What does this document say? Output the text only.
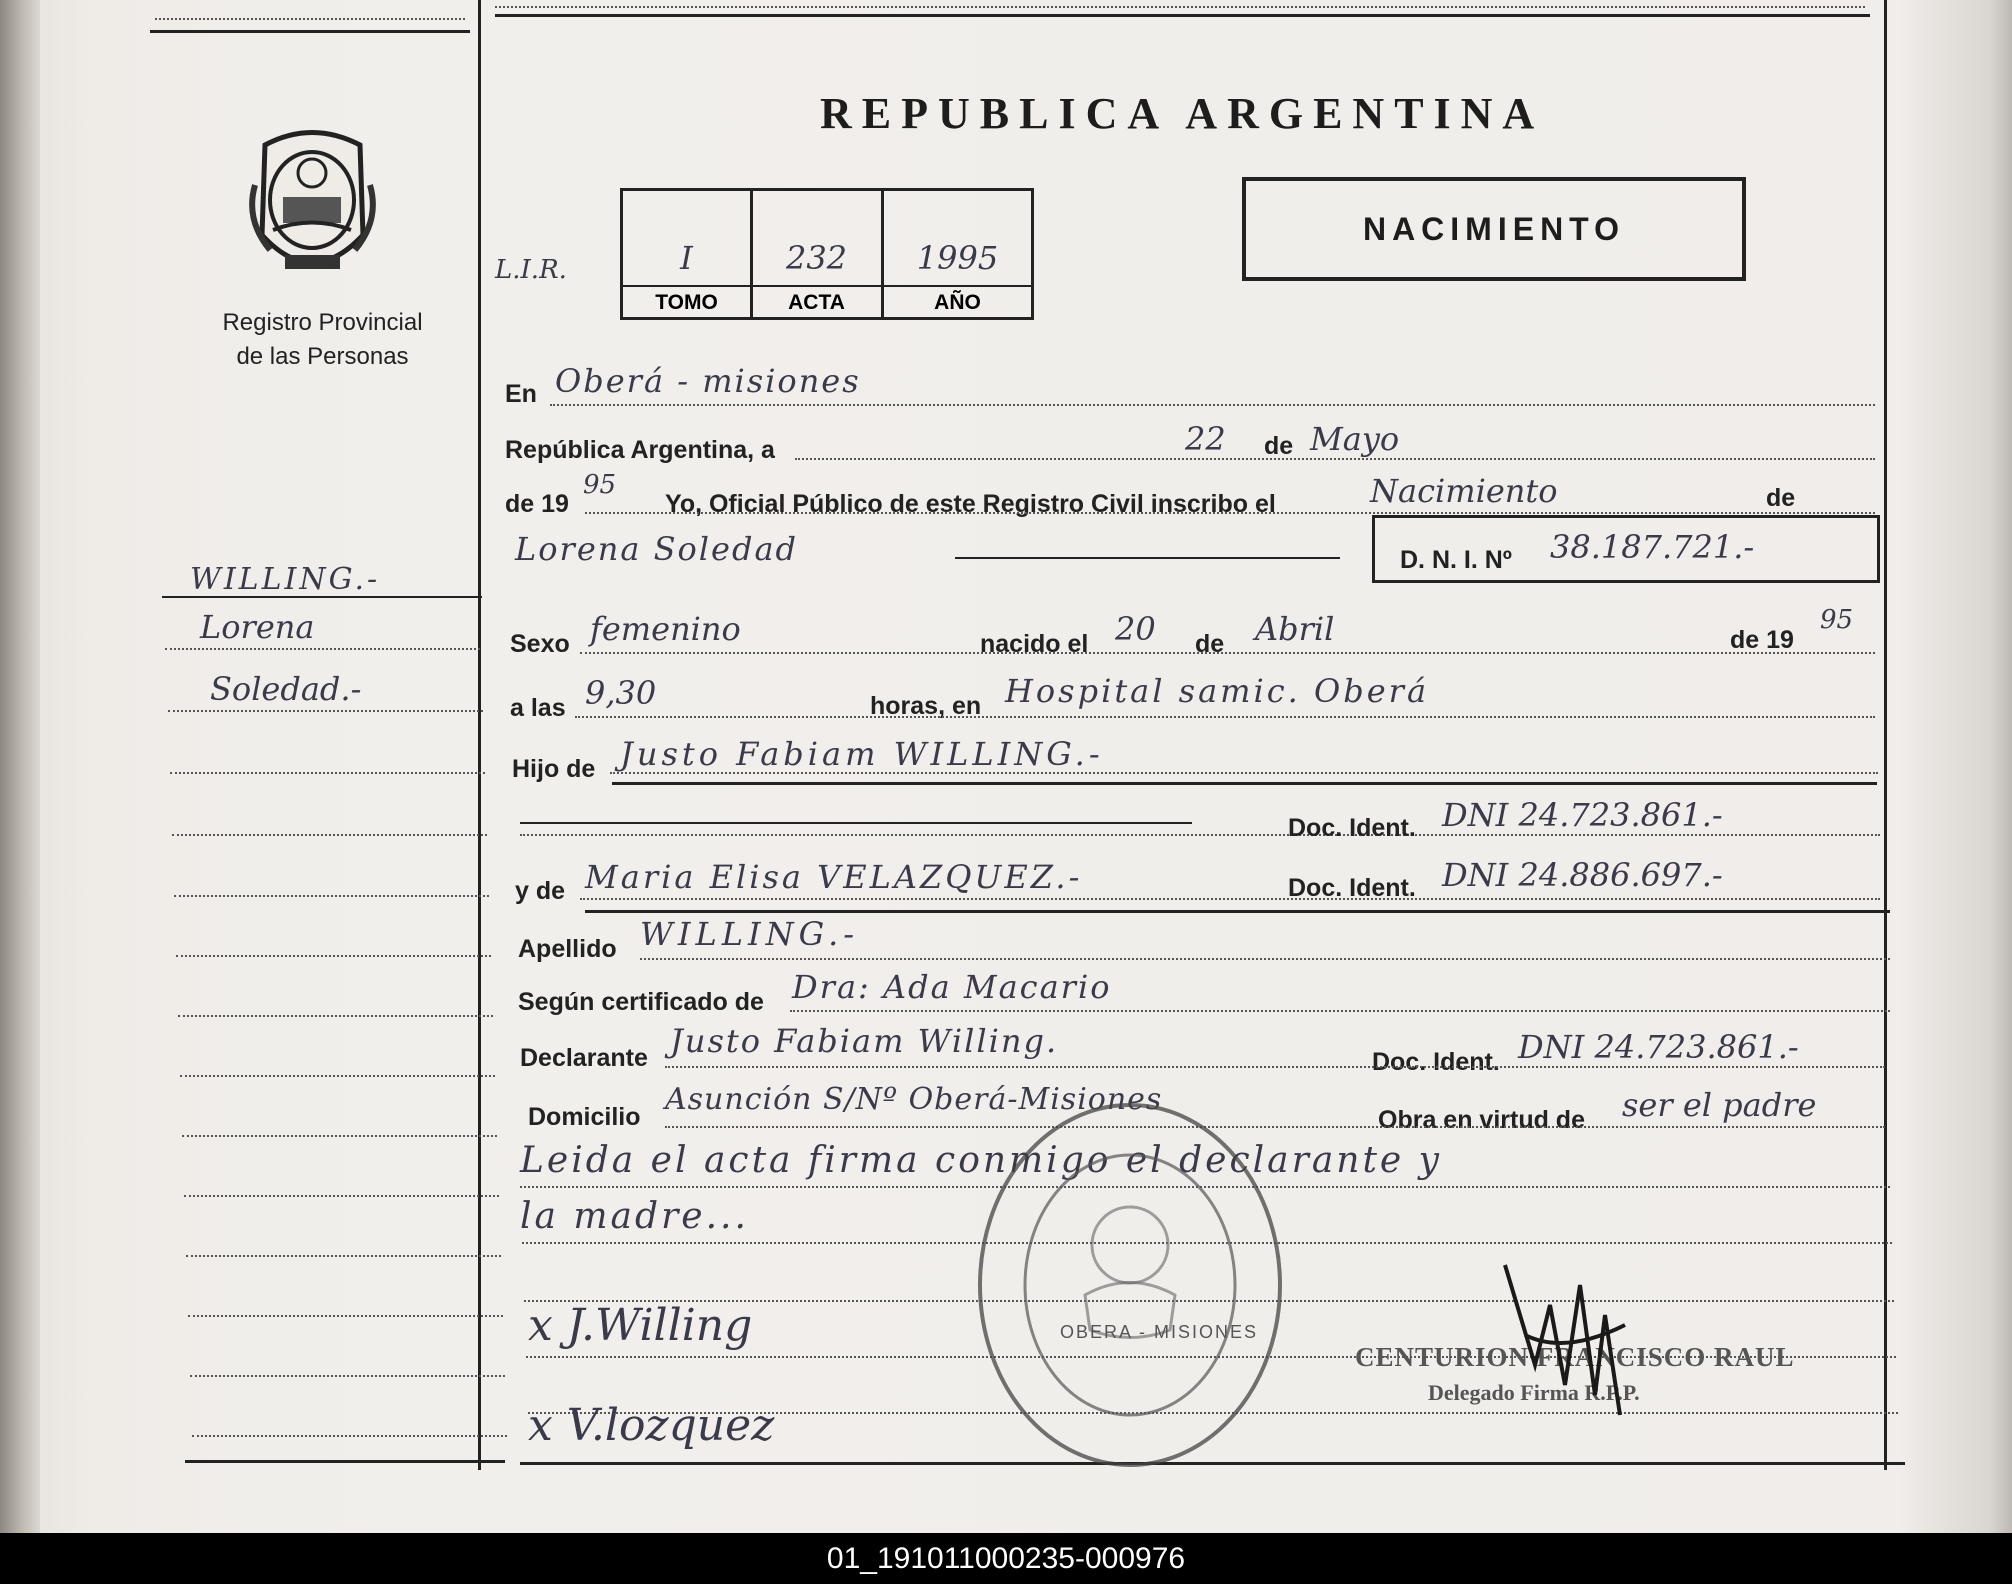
Registro Provincial
de las Personas
WILLING.-
Lorena
Soledad.-
REPUBLICA ARGENTINA
NACIMIENTO
L.I.R.	I	232	1995
TOMO	ACTA	AÑO
En Oberá - misiones
República Argentina, a	22 de Mayo
de 19
95
Yo, Oficial Público de este Registro Civil inscribo el	Nacimiento	de
Lorena Soledad	D. N. I. Nº 38.187.721.-
Sexo femenino	nacido el 20 de Abril	de 19
95
a las 9,30	horas, en Hospital samic. Oberá
Hijo de Justo Fabiam WILLING.-
Doc. Ident. DNI 24.723.861.-
y de Maria Elisa VELAZQUEZ.-	Doc. Ident. DNI 24.886.697.-
Apellido WILLING.-
Según certificado de Dra: Ada Macario
Declarante Justo Fabiam Willing.
Doc. Ident. DNI 24.723.861.-
Domicilio Asunción S/Nº Oberá-Misiones
Obra en virtud de ser el padre
Leida el acta firma conmigo el declarante y
la madre...
OBERA - MISIONES
x J.Willing
x V.lozquez
CENTURION FRANCISCO RAUL
Delegado Firma R.P.P.
01_191011000235-000976
